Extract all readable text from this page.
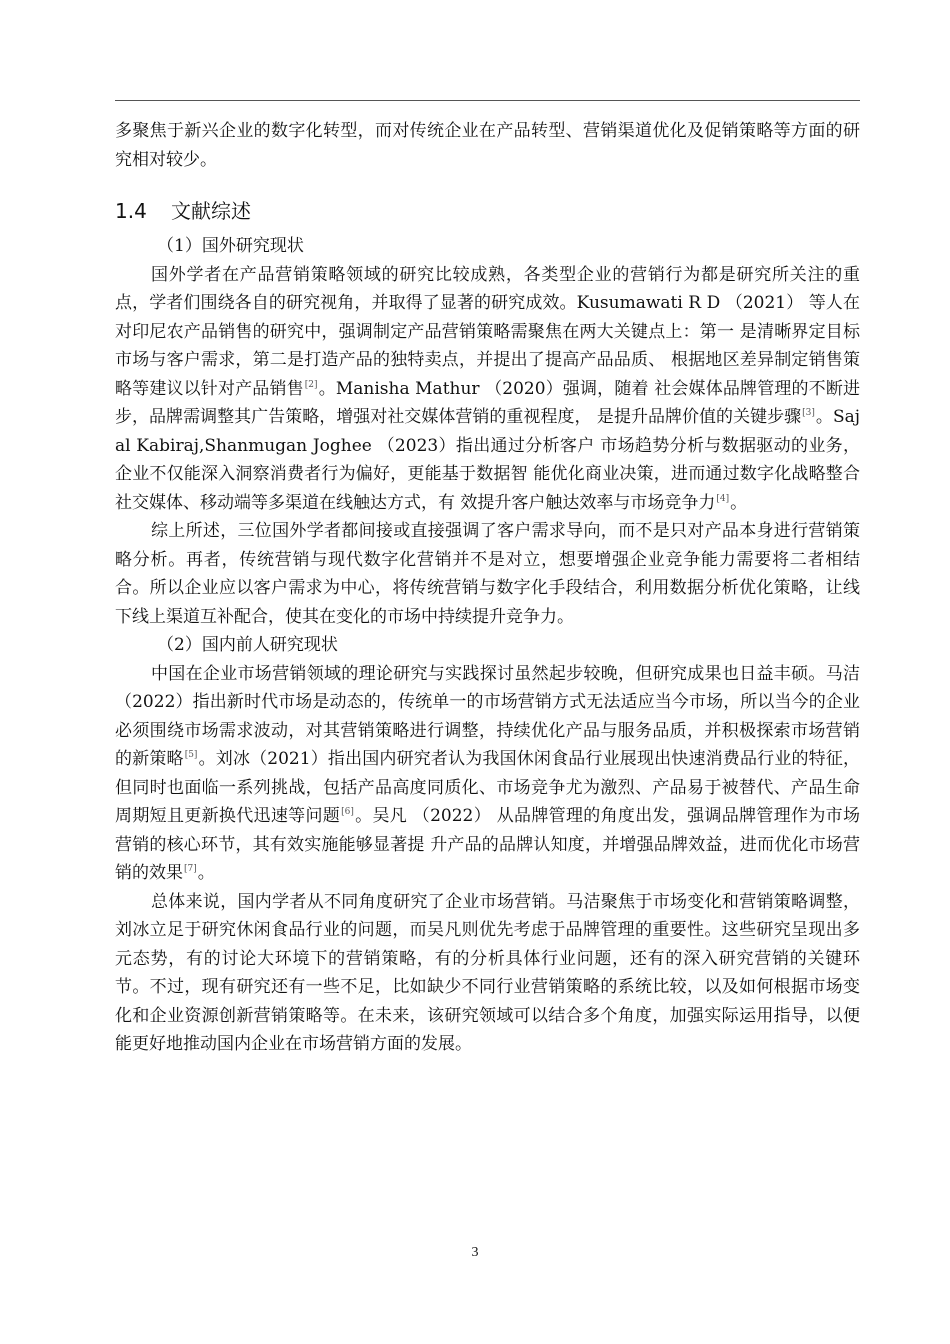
多聚焦于新兴企业的数字化转型，而对传统企业在产品转型、营销渠道优化及促销策略等方面的研究相对较少。

1.4 文献综述

（1）国外研究现状

国外学者在产品营销策略领域的研究比较成熟，各类型企业的营销行为都是研究所关注的重点，学者们围绕各自的研究视角，并取得了显著的研究成效。Kusumawati R D （2021） 等人在对印尼农产品销售的研究中，强调制定产品营销策略需聚焦在两大关键点上：第一 是清晰界定目标市场与客户需求，第二是打造产品的独特卖点，并提出了提高产品品质、 根据地区差异制定销售策略等建议以针对产品销售[2]。Manisha Mathur （2020）强调，随着 社会媒体品牌管理的不断进步，品牌需调整其广告策略，增强对社交媒体营销的重视程度， 是提升品牌价值的关键步骤[3]。Sajal Kabiraj,Shanmugan Joghee （2023）指出通过分析客户 市场趋势分析与数据驱动的业务，企业不仅能深入洞察消费者行为偏好，更能基于数据智 能优化商业决策，进而通过数字化战略整合社交媒体、移动端等多渠道在线触达方式，有 效提升客户触达效率与市场竞争力[4]。

综上所述，三位国外学者都间接或直接强调了客户需求导向，而不是只对产品本身进行营销策略分析。再者，传统营销与现代数字化营销并不是对立，想要增强企业竞争能力需要将二者相结合。所以企业应以客户需求为中心，将传统营销与数字化手段结合，利用数据分析优化策略，让线下线上渠道互补配合，使其在变化的市场中持续提升竞争力。

（2）国内前人研究现状

中国在企业市场营销领域的理论研究与实践探讨虽然起步较晚，但研究成果也日益丰硕。马洁（2022）指出新时代市场是动态的，传统单一的市场营销方式无法适应当今市场，所以当今的企业必须围绕市场需求波动，对其营销策略进行调整，持续优化产品与服务品质，并积极探索市场营销的新策略[5]。刘冰（2021）指出国内研究者认为我国休闲食品行业展现出快速消费品行业的特征，但同时也面临一系列挑战，包括产品高度同质化、市场竞争尤为激烈、产品易于被替代、产品生命周期短且更新换代迅速等问题[6]。吴凡 （2022） 从品牌管理的角度出发，强调品牌管理作为市场营销的核心环节，其有效实施能够显著提 升产品的品牌认知度，并增强品牌效益，进而优化市场营销的效果[7]。

总体来说，国内学者从不同角度研究了企业市场营销。马洁聚焦于市场变化和营销策略调整，刘冰立足于研究休闲食品行业的问题，而吴凡则优先考虑于品牌管理的重要性。这些研究呈现出多元态势，有的讨论大环境下的营销策略，有的分析具体行业问题，还有的深入研究营销的关键环节。不过，现有研究还有一些不足，比如缺少不同行业营销策略的系统比较，以及如何根据市场变化和企业资源创新营销策略等。在未来，该研究领域可以结合多个角度，加强实际运用指导，以便能更好地推动国内企业在市场营销方面的发展。

3
